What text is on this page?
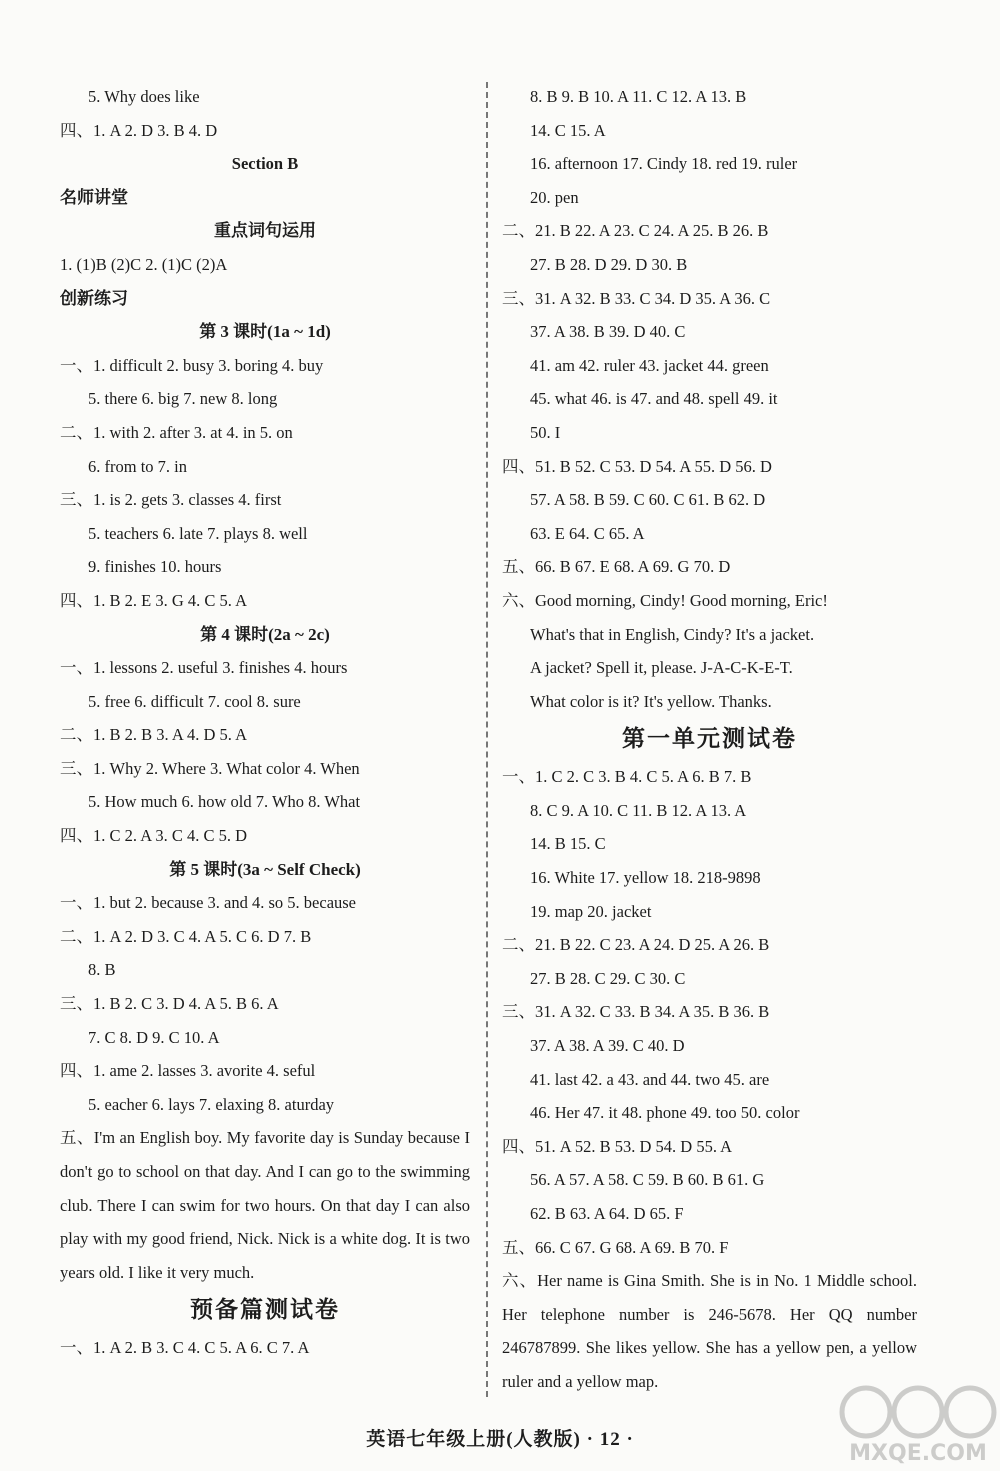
5. Why does like
四、1. A 2. D 3. B 4. D
Section B
名师讲堂
重点词句运用
1. (1)B (2)C 2. (1)C (2)A
创新练习
第 3 课时(1a ~ 1d)
一、1. difficult 2. busy 3. boring 4. buy
5. there 6. big 7. new 8. long
二、1. with 2. after 3. at 4. in 5. on
6. from to 7. in
三、1. is 2. gets 3. classes 4. first
5. teachers 6. late 7. plays 8. well
9. finishes 10. hours
四、1. B 2. E 3. G 4. C 5. A
第 4 课时(2a ~ 2c)
一、1. lessons 2. useful 3. finishes 4. hours
5. free 6. difficult 7. cool 8. sure
二、1. B 2. B 3. A 4. D 5. A
三、1. Why 2. Where 3. What color 4. When
5. How much 6. how old 7. Who 8. What
四、1. C 2. A 3. C 4. C 5. D
第 5 课时(3a ~ Self Check)
一、1. but 2. because 3. and 4. so 5. because
二、1. A 2. D 3. C 4. A 5. C 6. D 7. B
8. B
三、1. B 2. C 3. D 4. A 5. B 6. A
7. C 8. D 9. C 10. A
四、1. ame 2. lasses 3. avorite 4. seful
5. eacher 6. lays 7. elaxing 8. aturday
五、I'm an English boy. My favorite day is Sunday because I don't go to school on that day. And I can go to the swimming club. There I can swim for two hours. On that day I can also play with my good friend, Nick. Nick is a white dog. It is two years old. I like it very much.
预备篇测试卷
一、1. A 2. B 3. C 4. C 5. A 6. C 7. A
8. B 9. B 10. A 11. C 12. A 13. B
14. C 15. A
16. afternoon 17. Cindy 18. red 19. ruler
20. pen
二、21. B 22. A 23. C 24. A 25. B 26. B
27. B 28. D 29. D 30. B
三、31. A 32. B 33. C 34. D 35. A 36. C
37. A 38. B 39. D 40. C
41. am 42. ruler 43. jacket 44. green
45. what 46. is 47. and 48. spell 49. it
50. I
四、51. B 52. C 53. D 54. A 55. D 56. D
57. A 58. B 59. C 60. C 61. B 62. D
63. E 64. C 65. A
五、66. B 67. E 68. A 69. G 70. D
六、Good morning, Cindy! Good morning, Eric!
What's that in English, Cindy? It's a jacket.
A jacket? Spell it, please. J-A-C-K-E-T.
What color is it? It's yellow. Thanks.
第一单元测试卷
一、1. C 2. C 3. B 4. C 5. A 6. B 7. B
8. C 9. A 10. C 11. B 12. A 13. A
14. B 15. C
16. White 17. yellow 18. 218-9898
19. map 20. jacket
二、21. B 22. C 23. A 24. D 25. A 26. B
27. B 28. C 29. C 30. C
三、31. A 32. C 33. B 34. A 35. B 36. B
37. A 38. A 39. C 40. D
41. last 42. a 43. and 44. two 45. are
46. Her 47. it 48. phone 49. too 50. color
四、51. A 52. B 53. D 54. D 55. A
56. A 57. A 58. C 59. B 60. B 61. G
62. B 63. A 64. D 65. F
五、66. C 67. G 68. A 69. B 70. F
六、Her name is Gina Smith. She is in No. 1 Middle school. Her telephone number is 246-5678. Her QQ number 246787899. She likes yellow. She has a yellow pen, a yellow ruler and a yellow map.
英语七年级上册(人教版) · 12 ·
MXQE.COM
